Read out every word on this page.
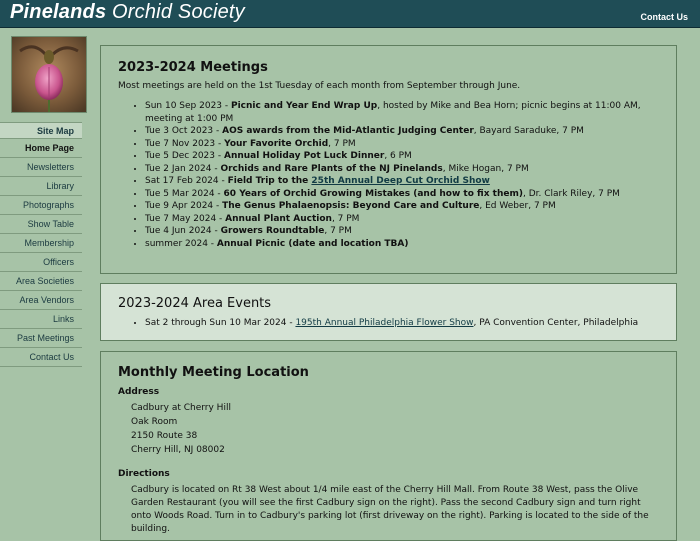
Pinelands Orchid Society	Contact Us
Site Map
Home Page
Newsletters
Library
Photographs
Show Table
Membership
Officers
Area Societies
Area Vendors
Links
Past Meetings
Contact Us
2023-2024 Meetings

Most meetings are held on the 1st Tuesday of each month from September through June.

• Sun 10 Sep 2023 - Picnic and Year End Wrap Up, hosted by Mike and Bea Horn; picnic begins at 11:00 AM, meeting at 1:00 PM
• Tue 3 Oct 2023 - AOS awards from the Mid-Atlantic Judging Center, Bayard Saraduke, 7 PM
• Tue 7 Nov 2023 - Your Favorite Orchid, 7 PM
• Tue 5 Dec 2023 - Annual Holiday Pot Luck Dinner, 6 PM
• Tue 2 Jan 2024 - Orchids and Rare Plants of the NJ Pinelands, Mike Hogan, 7 PM
• Sat 17 Feb 2024 - Field Trip to the 25th Annual Deep Cut Orchid Show
• Tue 5 Mar 2024 - 60 Years of Orchid Growing Mistakes (and how to fix them), Dr. Clark Riley, 7 PM
• Tue 9 Apr 2024 - The Genus Phalaenopsis: Beyond Care and Culture, Ed Weber, 7 PM
• Tue 7 May 2024 - Annual Plant Auction, 7 PM
• Tue 4 Jun 2024 - Growers Roundtable, 7 PM
• summer 2024 - Annual Picnic (date and location TBA)
2023-2024 Area Events
• Sat 2 through Sun 10 Mar 2024 - 195th Annual Philadelphia Flower Show, PA Convention Center, Philadelphia
Monthly Meeting Location

Address

Cadbury at Cherry Hill
Oak Room
2150 Route 38
Cherry Hill, NJ 08002

Directions

Cadbury is located on Rt 38 West about 1/4 mile east of the Cherry Hill Mall. From Route 38 West, pass the Olive Garden Restaurant (you will see the first Cadbury sign on the right). Pass the second Cadbury sign and turn right onto Woods Road. Turn in to Cadbury's parking lot (first driveway on the right). Parking is located to the side of the building.
